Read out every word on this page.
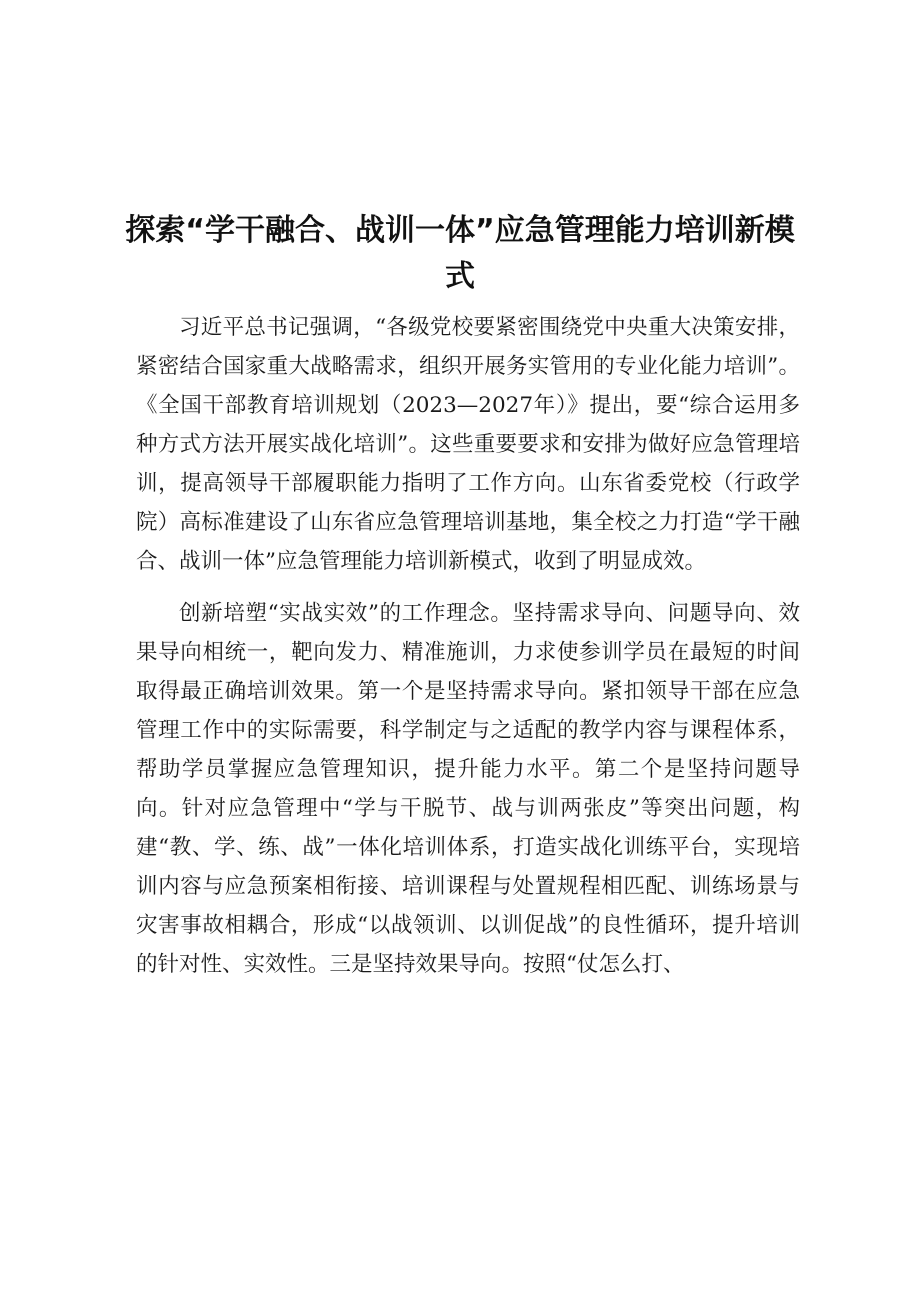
探索“学干融合、战训一体”应急管理能力培训新模式

习近平总书记强调，“各级党校要紧密围绕党中央重大决策安排，紧密结合国家重大战略需求，组织开展务实管用的专业化能力培训”。《全国干部教育培训规划（2023—2027年）》提出，要“综合运用多种方式方法开展实战化培训”。这些重要要求和安排为做好应急管理培训，提高领导干部履职能力指明了工作方向。山东省委党校（行政学院）高标准建设了山东省应急管理培训基地，集全校之力打造“学干融合、战训一体”应急管理能力培训新模式，收到了明显成效。

创新培塑“实战实效”的工作理念。坚持需求导向、问题导向、效果导向相统一，靶向发力、精准施训，力求使参训学员在最短的时间取得最正确培训效果。第一个是坚持需求导向。紧扣领导干部在应急管理工作中的实际需要，科学制定与之适配的教学内容与课程体系，帮助学员掌握应急管理知识，提升能力水平。第二个是坚持问题导向。针对应急管理中“学与干脱节、战与训两张皮”等突出问题，构建“教、学、练、战”一体化培训体系，打造实战化训练平台，实现培训内容与应急预案相衔接、培训课程与处置规程相匹配、训练场景与灾害事故相耦合，形成“以战领训、以训促战”的良性循环，提升培训的针对性、实效性。三是坚持效果导向。按照“仗怎么打、
